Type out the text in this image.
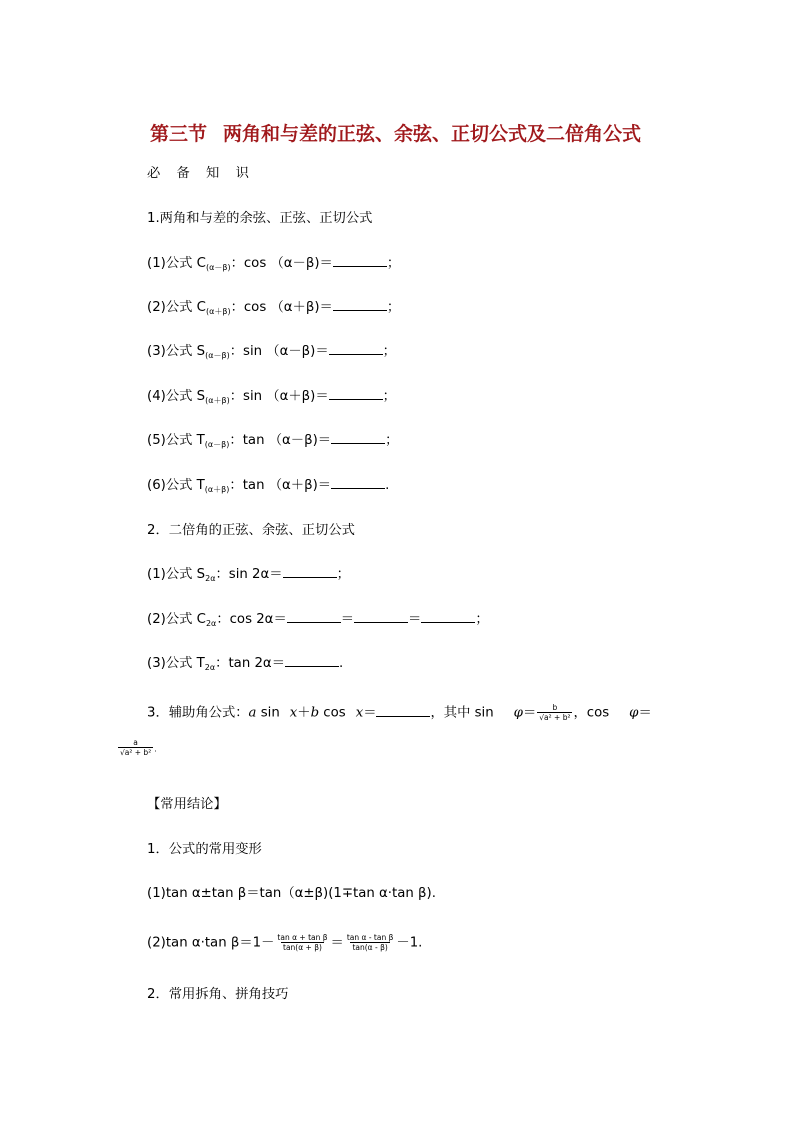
第三节 两角和与差的正弦、余弦、正切公式及二倍角公式
必 备 知 识
1.两角和与差的余弦、正弦、正切公式
(1)公式 $C_{(\alpha-\beta)}$：cos （α－β)＝	；
(2)公式 $C_{(\alpha+\beta)}$：cos （α＋β)＝	；
(3)公式 $S_{(\alpha-\beta)}$：sin （α－β)＝	；
(4)公式 $S_{(\alpha+\beta)}$：sin （α＋β)＝	；
(5)公式 $T_{(\alpha-\beta)}$：tan （α－β)＝	；
(6)公式 $T_{(\alpha+\beta)}$：tan （α＋β)＝	.
2．二倍角的正弦、余弦、正切公式
(1)公式 $S_{2\alpha}$：sin 2α＝	；
(2)公式 $C_{2\alpha}$：cos 2α＝	＝	＝	；
(3)公式 $T_{2\alpha}$：tan 2α＝	.
3．辅助角公式：a sin x＋b cos x＝	，其中 $\sin \varphi= \frac{b}{\text{√a² + b²}}$ ，cos φ＝
$\frac{a}{\text{√a² + b²}}$ .
【常用结论】
1．公式的常用变形
(1)tan α±tan β＝tan（α±β)(1∓tan α·tan β).
(2)tan α·tan $\beta=1- \frac{\text{tan α + tan β}}{\tan(\alpha + \beta)} = \frac{\text{tan α - tan β}}{\tan(\alpha - \beta)} -1$.
2．常用拆角、拼角技巧
